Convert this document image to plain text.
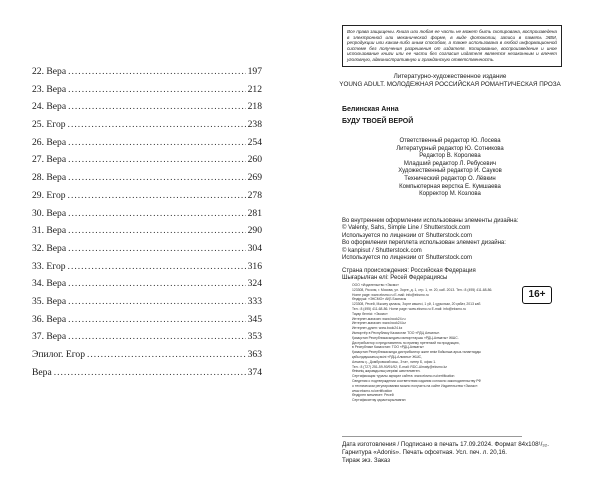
22. Вера .....	197
23. Вера .....	212
24. Вера .....	218
25. Егор .....	238
26. Вера .....	254
27. Вера .....	260
28. Вера .....	269
29. Егор .....	278
30. Вера .....	281
31. Вера .....	290
32. Вера .....	304
33. Егор .....	316
34. Вера .....	324
35. Вера .....	333
36. Вера .....	345
37. Вера .....	353
Эпилог. Егор .....	363
Вера .....	374
Все права защищены. Книга или любая ее часть не может быть скопирована, воспроизведена в электронной или механической форме, в виде фотокопии, записи в память ЭВМ, репродукции или каким-либо иным способом, а также использована в любой информационной системе без получения разрешения от издателя. Копирование, воспроизведение и иное использование книги или ее части без согласия издателя является незаконным и влечет уголовную, административную и гражданскую ответственность.
Литературно-художественное издание
YOUNG ADULT. МОЛОДЕЖНАЯ РОССИЙСКАЯ РОМАНТИЧЕСКАЯ ПРОЗА
Белинская Анна
БУДУ ТВОЕЙ ВЕРОЙ
Ответственный редактор Ю. Лосева
Литературный редактор Ю. Сотникова
Редактор В. Королева
Младший редактор Л. Ребусевич
Художественный редактор И. Сауков
Технический редактор О. Лёвкин
Компьютерная верстка Е. Кумшаева
Корректор М. Козлова
Во внутреннем оформлении использованы элементы дизайна:
© Valenty, Sahs, Simple Line / Shutterstock.com
Используется по лицензии от Shutterstock.com
Во оформлении переплета использован элемент дизайна:
© kanpisut / Shutterstock.com
Используется по лицензии от Shutterstock.com
Страна происхождения: Российская Федерация
Шығарылған елі: Ресей Федерациясы
ООО «Издательство «Эксмо»
123308, Россия, г. Москва, ул. Зорге, д. 1, стр. 1, эт. 20, каб. 2013. Тел.: 8 (495) 411-68-86.
Home page: www.eksmo.ru E-mail: info@eksmo.ru
Өндіруші: «ЭКСМО» АҚБ Баспасы
123308, Ресей, Мәскеу қаласы, Зорге көшесі, 1 үй, 1 құрылым, 20 қабат, 2013 каб.
Тел.: 8 (495) 411-68-86. Home page: www.eksmo.ru E-mail: info@eksmo.ru
Тауар белгісі: «Эксмо»
Интернет-магазин: www.book24.ru
Интернет-магазин: www.book24.kz
Интернет-дүкен: www.book24.kz
Импортёр в Республику Казахстан ТОО «РДЦ Алматы».
Қазақстан Республикасындағы импорттаушы «РДЦ-Алматы» ЖШС.
Дистрибьютор и представитель по приему претензий на продукцию,
в Республике Казахстан: ТОО «РДЦ-Алматы»
Қазақстан Республикасында дистрибьютор және өнім бойынша арыз-талаптарды
қабылдаушының өкілі «РДЦ-Алматы» ЖШС,
Алматы қ., Домбровский көш., 3«а», литер Б, офис 1.
Тел.: 8 (727) 251-59-90/91/92; E-mail: RDC-Almaty@eksmo.kz
Өнімнің жарамдылық мерзімі шектелмеген.
Сертификация туралы ақпарат сайтта: www.eksmo.ru/certification
Сведения о подтверждении соответствия издания согласно законодательству РФ
о техническом регулировании можно получить на сайте Издательства «Эксмо»:
www.eksmo.ru/certification
Өндірген мемлекет: Ресей
Сертификаттау қарастырылмаған
16+
Дата изготовления / Подписано в печать 17.09.2024. Формат 84x108¹/₃₂.
Гарнитура «Adonis». Печать офсетная. Усл. печ. л. 20,16.
Тираж экз. Заказ
